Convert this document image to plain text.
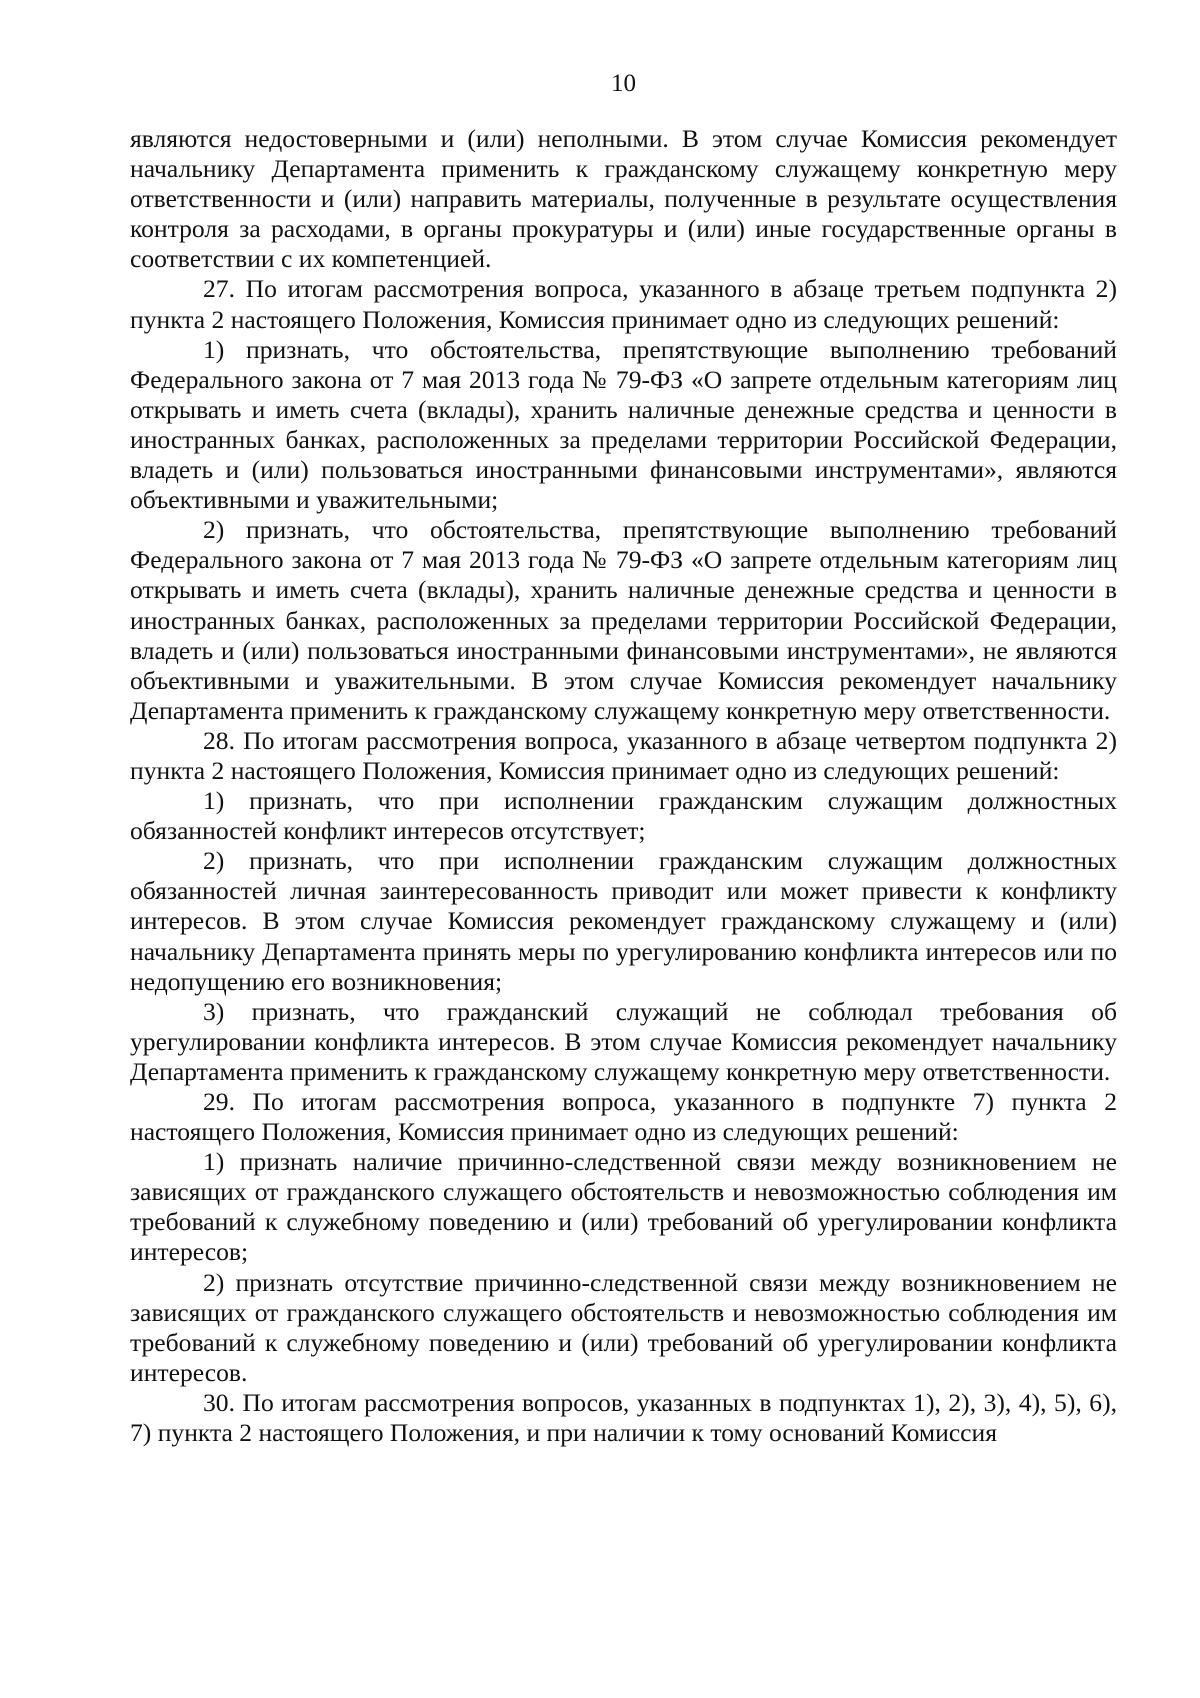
10

являются недостоверными и (или) неполными. В этом случае Комиссия рекомендует начальнику Департамента применить к гражданскому служащему конкретную меру ответственности и (или) направить материалы, полученные в результате осуществления контроля за расходами, в органы прокуратуры и (или) иные государственные органы в соответствии с их компетенцией.

27. По итогам рассмотрения вопроса, указанного в абзаце третьем подпункта 2) пункта 2 настоящего Положения, Комиссия принимает одно из следующих решений:

1) признать, что обстоятельства, препятствующие выполнению требований Федерального закона от 7 мая 2013 года № 79-ФЗ «О запрете отдельным категориям лиц открывать и иметь счета (вклады), хранить наличные денежные средства и ценности в иностранных банках, расположенных за пределами территории Российской Федерации, владеть и (или) пользоваться иностранными финансовыми инструментами», являются объективными и уважительными;

2) признать, что обстоятельства, препятствующие выполнению требований Федерального закона от 7 мая 2013 года № 79-ФЗ «О запрете отдельным категориям лиц открывать и иметь счета (вклады), хранить наличные денежные средства и ценности в иностранных банках, расположенных за пределами территории Российской Федерации, владеть и (или) пользоваться иностранными финансовыми инструментами», не являются объективными и уважительными. В этом случае Комиссия рекомендует начальнику Департамента применить к гражданскому служащему конкретную меру ответственности.

28. По итогам рассмотрения вопроса, указанного в абзаце четвертом подпункта 2) пункта 2 настоящего Положения, Комиссия принимает одно из следующих решений:

1) признать, что при исполнении гражданским служащим должностных обязанностей конфликт интересов отсутствует;

2) признать, что при исполнении гражданским служащим должностных обязанностей личная заинтересованность приводит или может привести к конфликту интересов. В этом случае Комиссия рекомендует гражданскому служащему и (или) начальнику Департамента принять меры по урегулированию конфликта интересов или по недопущению его возникновения;

3) признать, что гражданский служащий не соблюдал требования об урегулировании конфликта интересов. В этом случае Комиссия рекомендует начальнику Департамента применить к гражданскому служащему конкретную меру ответственности.

29. По итогам рассмотрения вопроса, указанного в подпункте 7) пункта 2 настоящего Положения, Комиссия принимает одно из следующих решений:

1) признать наличие причинно-следственной связи между возникновением не зависящих от гражданского служащего обстоятельств и невозможностью соблюдения им требований к служебному поведению и (или) требований об урегулировании конфликта интересов;

2) признать отсутствие причинно-следственной связи между возникновением не зависящих от гражданского служащего обстоятельств и невозможностью соблюдения им требований к служебному поведению и (или) требований об урегулировании конфликта интересов.

30. По итогам рассмотрения вопросов, указанных в подпунктах 1), 2), 3), 4), 5), 6), 7) пункта 2 настоящего Положения, и при наличии к тому оснований Комиссия
